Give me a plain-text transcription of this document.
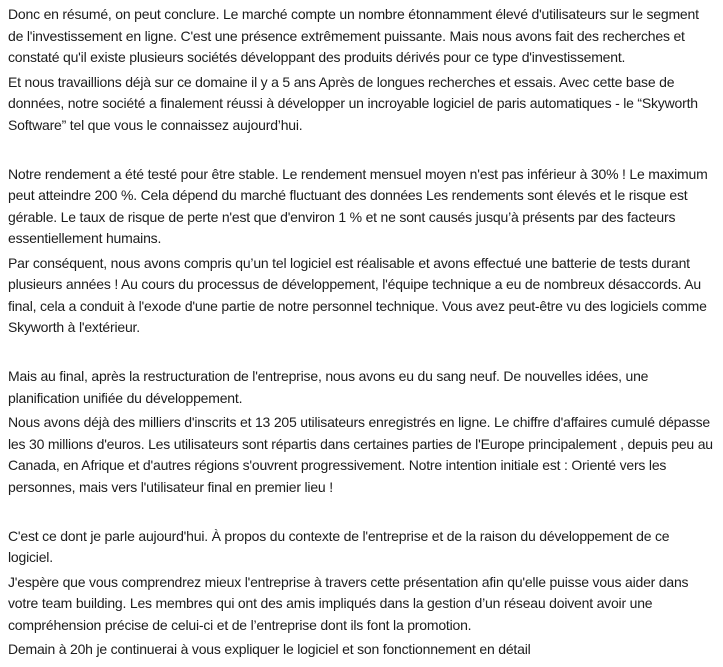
Donc en résumé, on peut conclure. Le marché compte un nombre étonnamment élevé d'utilisateurs sur le segment de l'investissement en ligne. C'est une présence extrêmement puissante. Mais nous avons fait des recherches et constaté qu'il existe plusieurs sociétés développant des produits dérivés pour ce type d'investissement.

Et nous travaillions déjà sur ce domaine il y a 5 ans Après de longues recherches et essais. Avec cette base de données, notre société a finalement réussi à développer un incroyable logiciel de paris automatiques - le “Skyworth Software” tel que vous le connaissez aujourd’hui.

Notre rendement a été testé pour être stable. Le rendement mensuel moyen n'est pas inférieur à 30% ! Le maximum peut atteindre 200 %. Cela dépend du marché fluctuant des données Les rendements sont élevés et le risque est gérable. Le taux de risque de perte n'est que d'environ 1 % et ne sont causés jusqu’à présents par des facteurs essentiellement humains.

Par conséquent, nous avons compris qu’un tel logiciel est réalisable et avons effectué une batterie de tests durant plusieurs années ! Au cours du processus de développement, l'équipe technique a eu de nombreux désaccords. Au final, cela a conduit à l'exode d'une partie de notre personnel technique. Vous avez peut-être vu des logiciels comme Skyworth à l'extérieur.

Mais au final, après la restructuration de l'entreprise, nous avons eu du sang neuf. De nouvelles idées, une planification unifiée du développement.

Nous avons déjà des milliers d'inscrits et 13 205 utilisateurs enregistrés en ligne. Le chiffre d'affaires cumulé dépasse les 30 millions d'euros. Les utilisateurs sont répartis dans certaines parties de l'Europe principalement , depuis peu au Canada, en Afrique et d'autres régions s'ouvrent progressivement. Notre intention initiale est : Orienté vers les personnes, mais vers l'utilisateur final en premier lieu !

C'est ce dont je parle aujourd'hui. À propos du contexte de l'entreprise et de la raison du développement de ce logiciel.

J'espère que vous comprendrez mieux l'entreprise à travers cette présentation afin qu'elle puisse vous aider dans votre team building. Les membres qui ont des amis impliqués dans la gestion d’un réseau doivent avoir une compréhension précise de celui-ci et de l’entreprise dont ils font la promotion.

Demain à 20h je continuerai à vous expliquer le logiciel et son fonctionnement en détail
